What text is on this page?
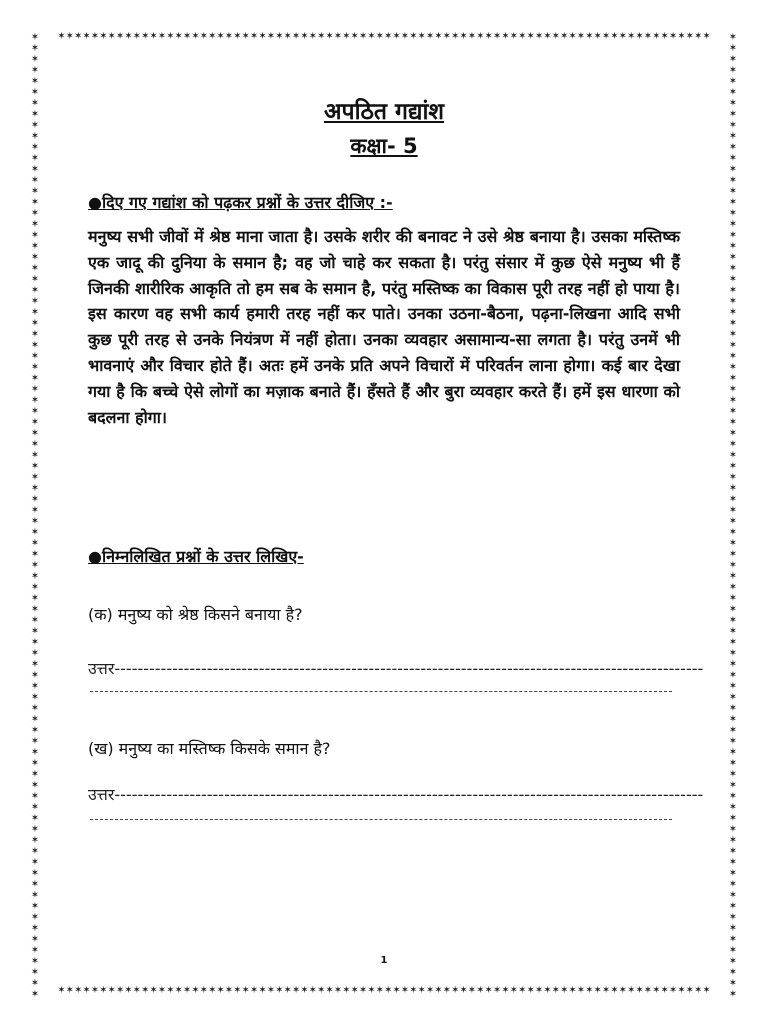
✶✶✶✶✶✶✶✶✶✶✶✶✶✶✶✶✶✶✶✶✶✶✶✶✶✶✶✶✶✶✶✶✶✶✶✶✶✶✶✶✶✶✶✶✶✶✶✶✶✶✶✶✶✶✶✶✶✶✶✶✶✶✶✶✶✶✶✶✶✶✶✶✶✶✶✶✶✶
✶✶✶✶✶✶✶✶✶✶✶✶✶✶✶✶✶✶✶✶✶✶✶✶✶✶✶✶✶✶✶✶✶✶✶✶✶✶✶✶✶✶✶✶✶✶✶✶✶✶✶✶✶✶✶✶✶✶✶✶✶✶✶✶✶✶✶✶✶✶✶✶✶✶✶✶✶✶
✶✶✶✶✶✶✶✶✶✶✶✶✶✶✶✶✶✶✶✶✶✶✶✶✶✶✶✶✶✶✶✶✶✶✶✶✶✶✶✶✶✶✶✶✶✶✶✶✶✶✶✶✶✶✶✶✶✶✶✶✶✶✶✶✶✶✶✶✶✶✶✶✶✶✶✶✶✶✶✶✶✶✶✶✶✶✶✶
✶✶✶✶✶✶✶✶✶✶✶✶✶✶✶✶✶✶✶✶✶✶✶✶✶✶✶✶✶✶✶✶✶✶✶✶✶✶✶✶✶✶✶✶✶✶✶✶✶✶✶✶✶✶✶✶✶✶✶✶✶✶✶✶✶✶✶✶✶✶✶✶✶✶✶✶✶✶✶✶✶✶✶✶✶✶✶✶
अपठित गद्यांश
कक्षा- 5
●दिए गए गद्यांश को पढ़कर प्रश्नों के उत्तर दीजिए :-
मनुष्य सभी जीवों में श्रेष्ठ माना जाता है। उसके शरीर की बनावट ने उसे श्रेष्ठ बनाया है। उसका मस्तिष्क एक जादू की दुनिया के समान है; वह जो चाहे कर सकता है। परंतु संसार में कुछ ऐसे मनुष्य भी हैं जिनकी शारीरिक आकृति तो हम सब के समान है, परंतु मस्तिष्क का विकास पूरी तरह नहीं हो पाया है। इस कारण वह सभी कार्य हमारी तरह नहीं कर पाते। उनका उठना-बैठना, पढ़ना-लिखना आदि सभी कुछ पूरी तरह से उनके नियंत्रण में नहीं होता। उनका व्यवहार असामान्य-सा लगता है। परंतु उनमें भी भावनाएं और विचार होते हैं। अतः हमें उनके प्रति अपने विचारों में परिवर्तन लाना होगा। कई बार देखा गया है कि बच्चे ऐसे लोगों का मज़ाक बनाते हैं। हँसते हैं और बुरा व्यवहार करते हैं। हमें इस धारणा को बदलना होगा।
●निम्नलिखित प्रश्नों के उत्तर लिखिए-
(क) मनुष्य को श्रेष्ठ किसने बनाया है?
उत्तर------------------------------------------------------------------------------------------------------
(ख) मनुष्य का मस्तिष्क किसके समान है?
उत्तर------------------------------------------------------------------------------------------------------
1
